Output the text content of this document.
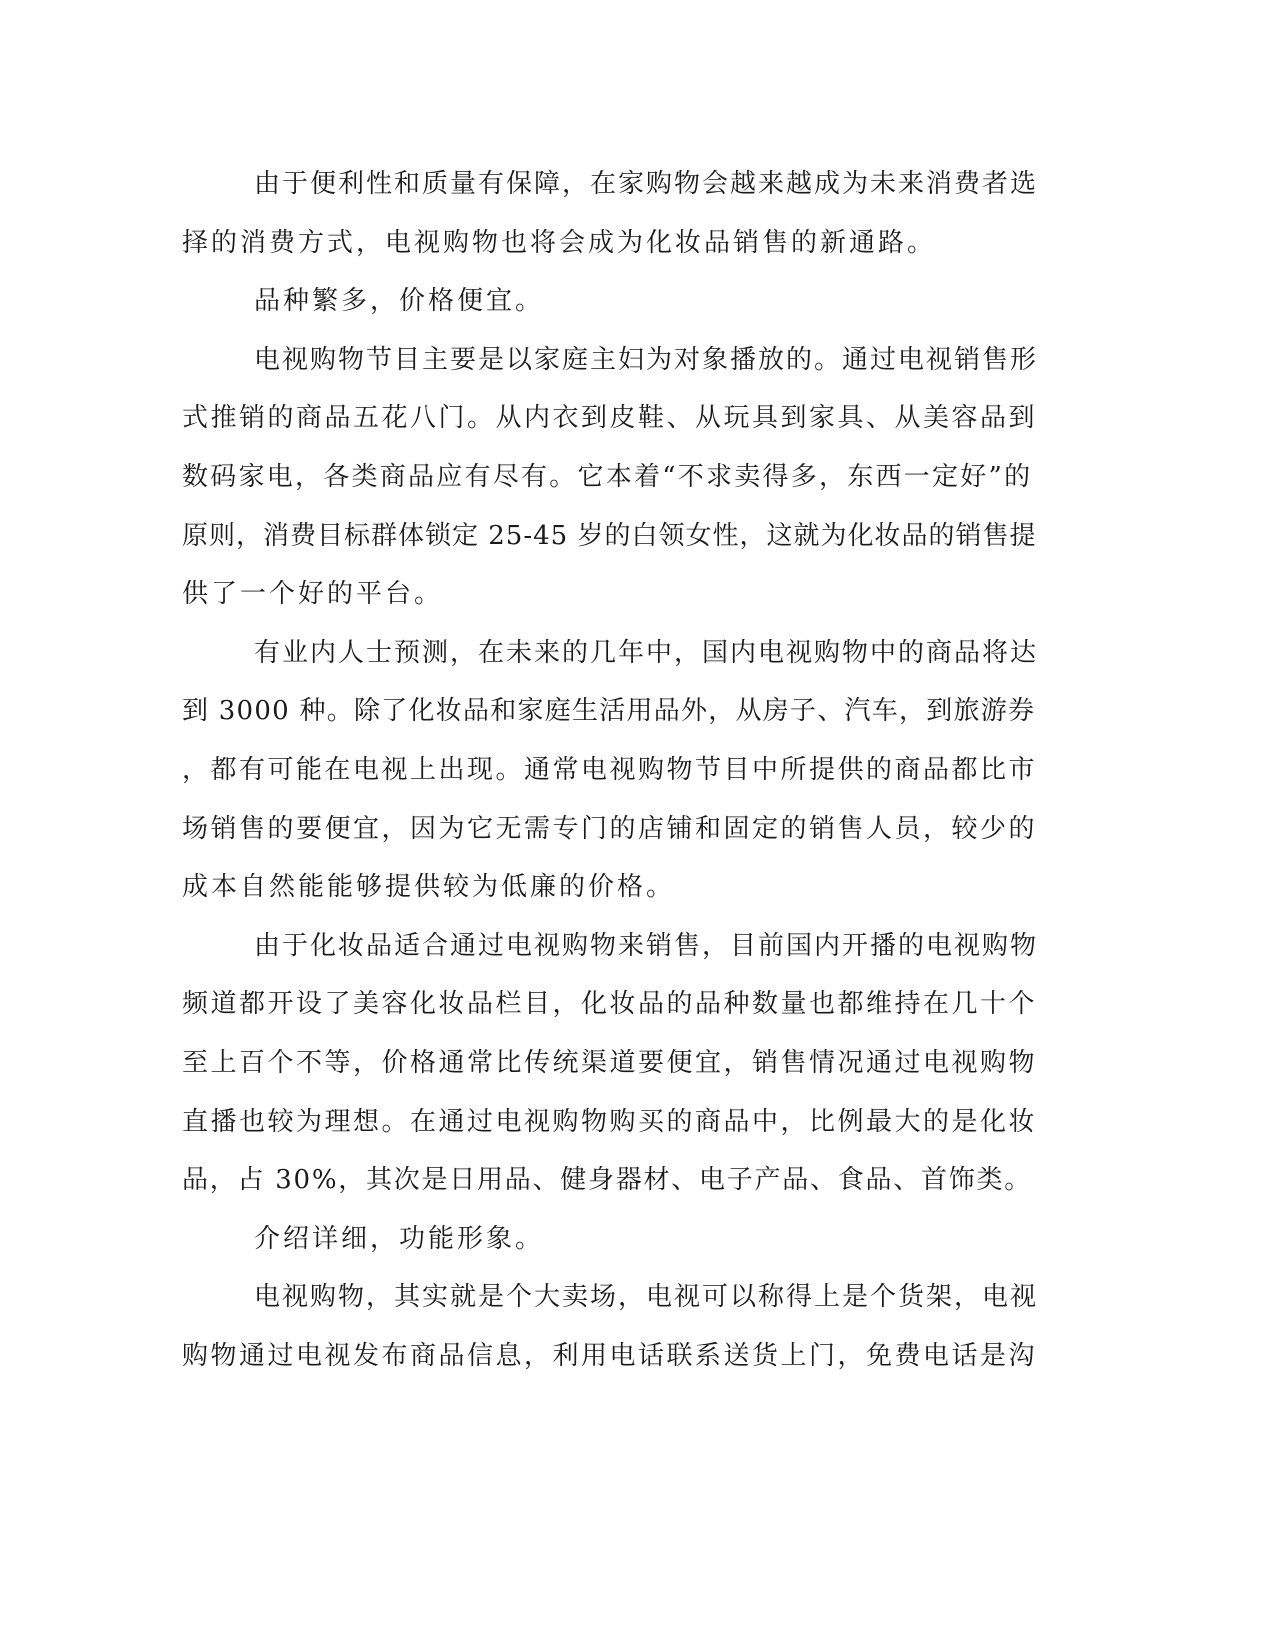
由于便利性和质量有保障，在家购物会越来越成为未来消费者选

择的消费方式，电视购物也将会成为化妆品销售的新通路。

品种繁多，价格便宜。

电视购物节目主要是以家庭主妇为对象播放的。通过电视销售形

式推销的商品五花八门。从内衣到皮鞋、从玩具到家具、从美容品到

数码家电，各类商品应有尽有。它本着“不求卖得多，东西一定好”的

原则，消费目标群体锁定 25-45 岁的白领女性，这就为化妆品的销售提

供了一个好的平台。

有业内人士预测，在未来的几年中，国内电视购物中的商品将达

到 3000 种。除了化妆品和家庭生活用品外，从房子、汽车，到旅游券

，都有可能在电视上出现。通常电视购物节目中所提供的商品都比市

场销售的要便宜，因为它无需专门的店铺和固定的销售人员，较少的

成本自然能能够提供较为低廉的价格。

由于化妆品适合通过电视购物来销售，目前国内开播的电视购物

频道都开设了美容化妆品栏目，化妆品的品种数量也都维持在几十个

至上百个不等，价格通常比传统渠道要便宜，销售情况通过电视购物

直播也较为理想。在通过电视购物购买的商品中，比例最大的是化妆

品，占 30%，其次是日用品、健身器材、电子产品、食品、首饰类。

介绍详细，功能形象。

电视购物，其实就是个大卖场，电视可以称得上是个货架，电视

购物通过电视发布商品信息，利用电话联系送货上门，免费电话是沟
